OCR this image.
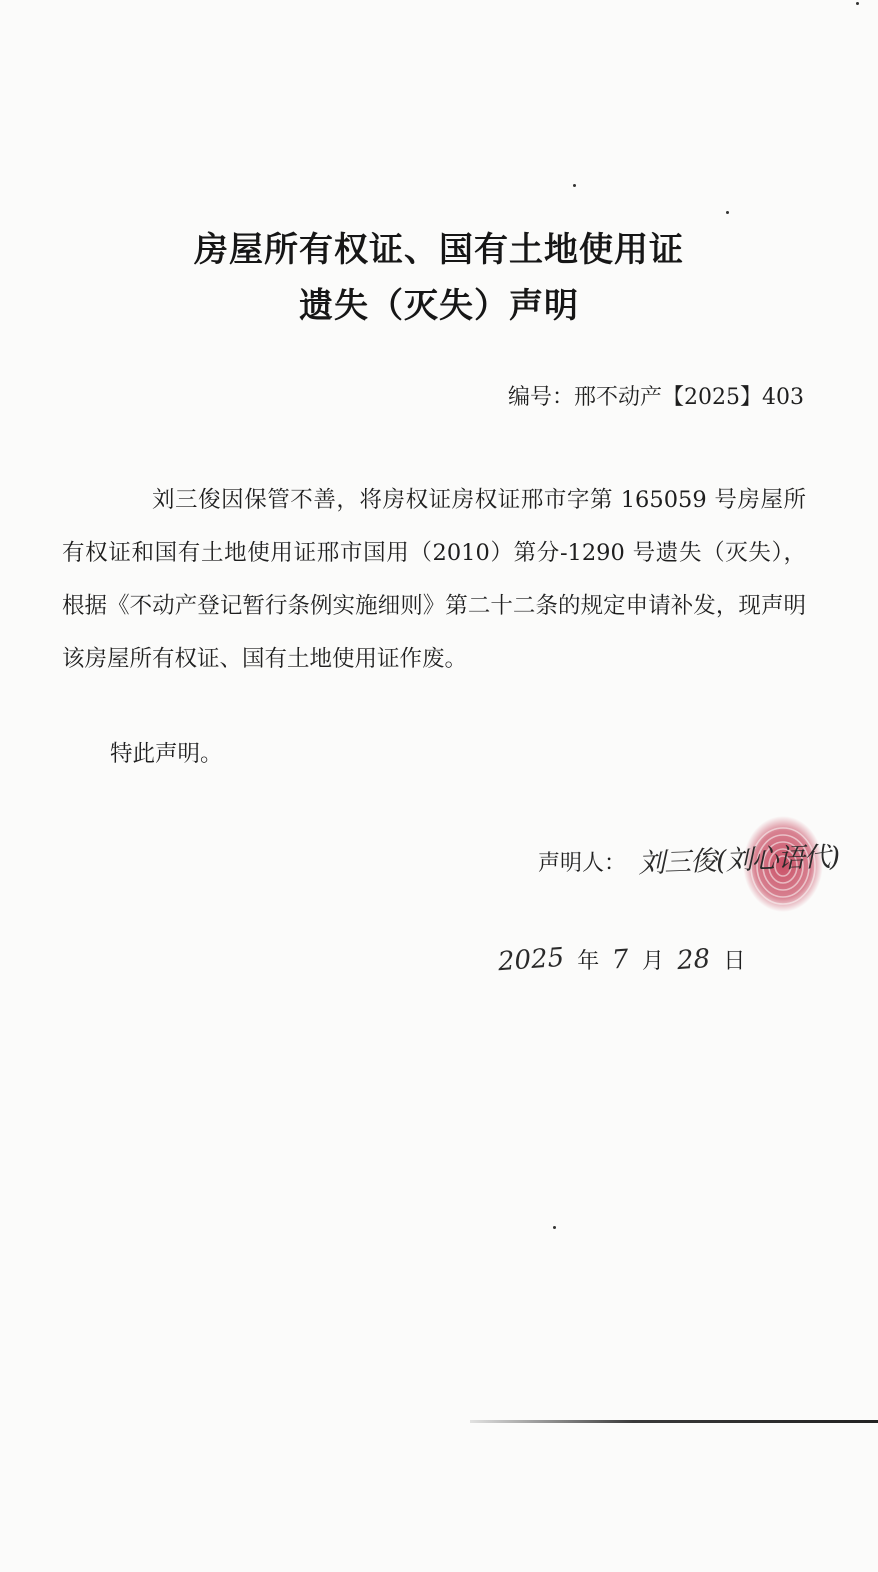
房屋所有权证、国有土地使用证
遗失（灭失）声明
编号：邢不动产【2025】403
刘三俊因保管不善，将房权证房权证邢市字第 165059 号房屋所有权证和国有土地使用证邢市国用（2010）第分-1290 号遗失（灭失），根据《不动产登记暂行条例实施细则》第二十二条的规定申请补发，现声明该房屋所有权证、国有土地使用证作废。
特此声明。
声明人： 刘三俊(刘心语代)
2025 年 7 月 28 日
